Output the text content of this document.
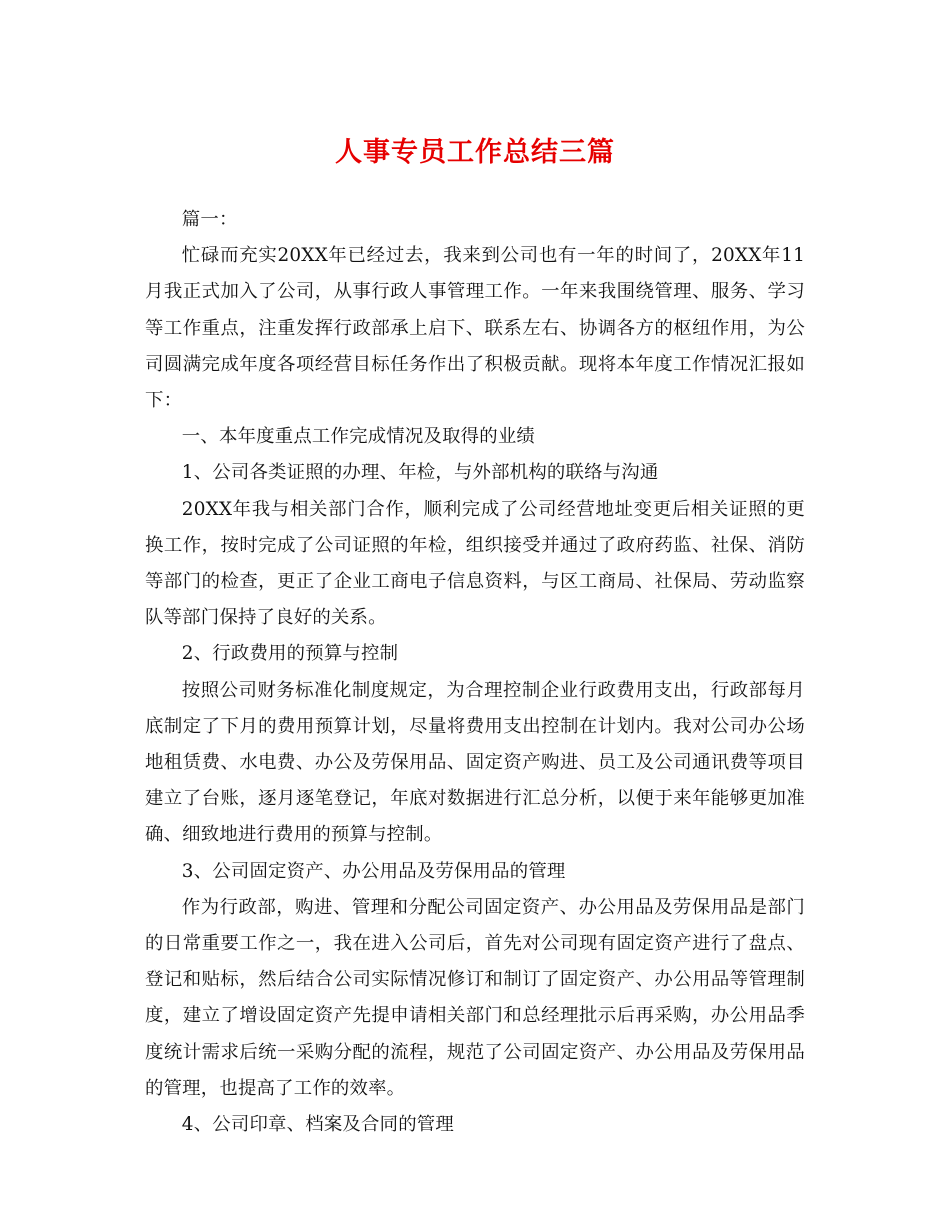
人事专员工作总结三篇

篇一：

忙碌而充实20XX年已经过去，我来到公司也有一年的时间了，20XX年11月我正式加入了公司，从事行政人事管理工作。一年来我围绕管理、服务、学习等工作重点，注重发挥行政部承上启下、联系左右、协调各方的枢纽作用，为公司圆满完成年度各项经营目标任务作出了积极贡献。现将本年度工作情况汇报如下：

一、本年度重点工作完成情况及取得的业绩

1、公司各类证照的办理、年检，与外部机构的联络与沟通

20XX年我与相关部门合作，顺利完成了公司经营地址变更后相关证照的更换工作，按时完成了公司证照的年检，组织接受并通过了政府药监、社保、消防等部门的检查，更正了企业工商电子信息资料，与区工商局、社保局、劳动监察队等部门保持了良好的关系。

2、行政费用的预算与控制

按照公司财务标准化制度规定，为合理控制企业行政费用支出，行政部每月底制定了下月的费用预算计划，尽量将费用支出控制在计划内。我对公司办公场地租赁费、水电费、办公及劳保用品、固定资产购进、员工及公司通讯费等项目建立了台账，逐月逐笔登记，年底对数据进行汇总分析，以便于来年能够更加准确、细致地进行费用的预算与控制。

3、公司固定资产、办公用品及劳保用品的管理

作为行政部，购进、管理和分配公司固定资产、办公用品及劳保用品是部门的日常重要工作之一，我在进入公司后，首先对公司现有固定资产进行了盘点、登记和贴标，然后结合公司实际情况修订和制订了固定资产、办公用品等管理制度，建立了增设固定资产先提申请相关部门和总经理批示后再采购，办公用品季度统计需求后统一采购分配的流程，规范了公司固定资产、办公用品及劳保用品的管理，也提高了工作的效率。

4、公司印章、档案及合同的管理
